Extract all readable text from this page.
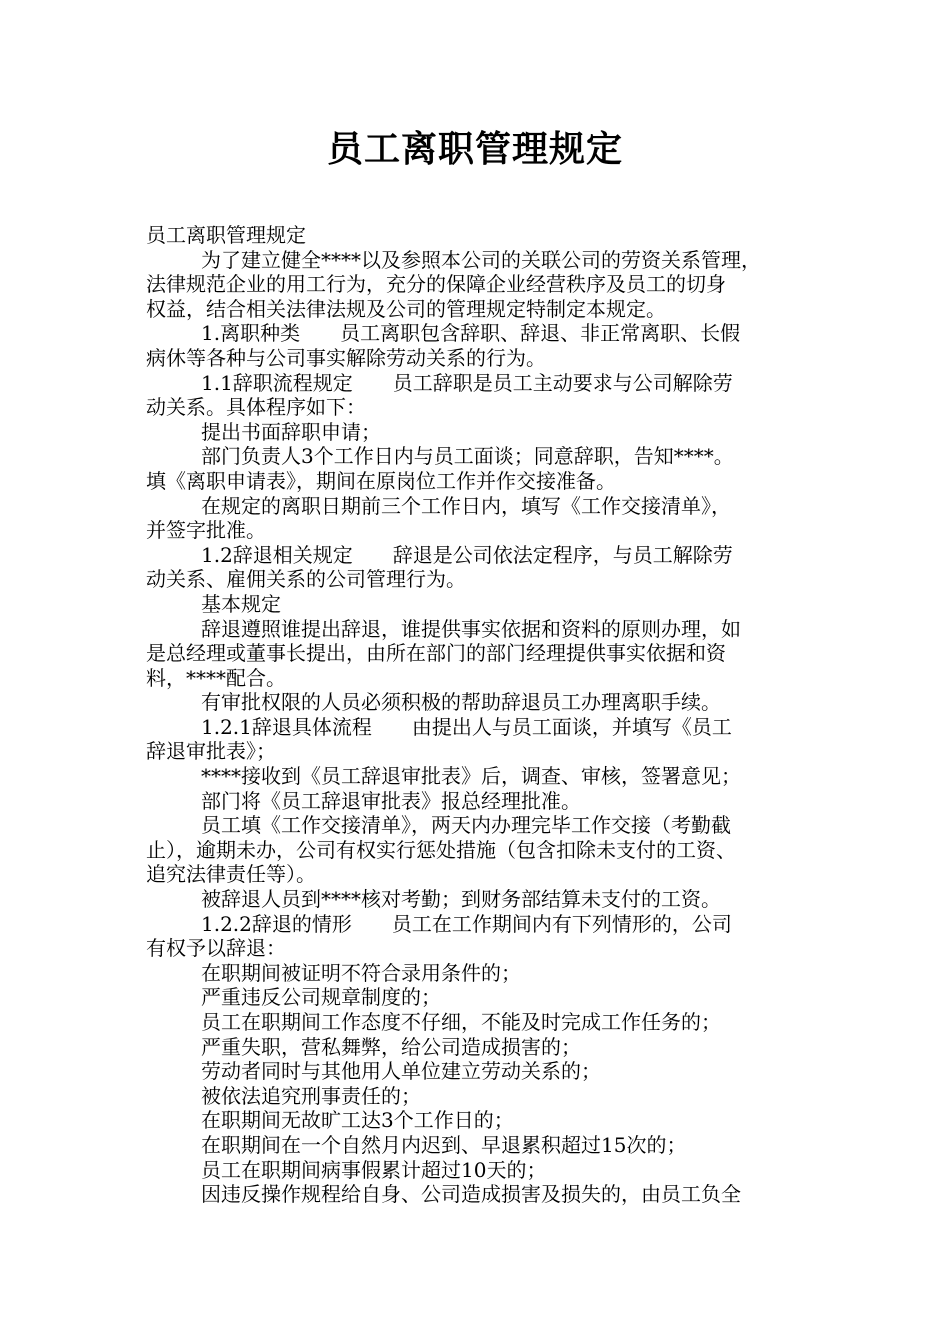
员工离职管理规定
员工离职管理规定
为了建立健全****以及参照本公司的关联公司的劳资关系管理，
法律规范企业的用工行为，充分的保障企业经营秩序及员工的切身
权益，结合相关法律法规及公司的管理规定特制定本规定。
1.离职种类　　员工离职包含辞职、辞退、非正常离职、长假
病休等各种与公司事实解除劳动关系的行为。
1.1辞职流程规定　　员工辞职是员工主动要求与公司解除劳
动关系。具体程序如下：
提出书面辞职申请；
部门负责人3个工作日内与员工面谈；同意辞职，告知****。
填《离职申请表》，期间在原岗位工作并作交接准备。
在规定的离职日期前三个工作日内，填写《工作交接清单》，
并签字批准。
1.2辞退相关规定　　辞退是公司依法定程序，与员工解除劳
动关系、雇佣关系的公司管理行为。
基本规定
辞退遵照谁提出辞退，谁提供事实依据和资料的原则办理，如
是总经理或董事长提出，由所在部门的部门经理提供事实依据和资
料，****配合。
有审批权限的人员必须积极的帮助辞退员工办理离职手续。
1.2.1辞退具体流程　　由提出人与员工面谈，并填写《员工
辞退审批表》；
****接收到《员工辞退审批表》后，调查、审核，签署意见；
部门将《员工辞退审批表》报总经理批准。
员工填《工作交接清单》，两天内办理完毕工作交接（考勤截
止），逾期未办，公司有权实行惩处措施（包含扣除未支付的工资、
追究法律责任等）。
被辞退人员到****核对考勤；到财务部结算未支付的工资。
1.2.2辞退的情形　　员工在工作期间内有下列情形的，公司
有权予以辞退：
在职期间被证明不符合录用条件的；
严重违反公司规章制度的；
员工在职期间工作态度不仔细，不能及时完成工作任务的；
严重失职，营私舞弊，给公司造成损害的；
劳动者同时与其他用人单位建立劳动关系的；
被依法追究刑事责任的；
在职期间无故旷工达3个工作日的；
在职期间在一个自然月内迟到、早退累积超过15次的；
员工在职期间病事假累计超过10天的；
因违反操作规程给自身、公司造成损害及损失的，由员工负全
